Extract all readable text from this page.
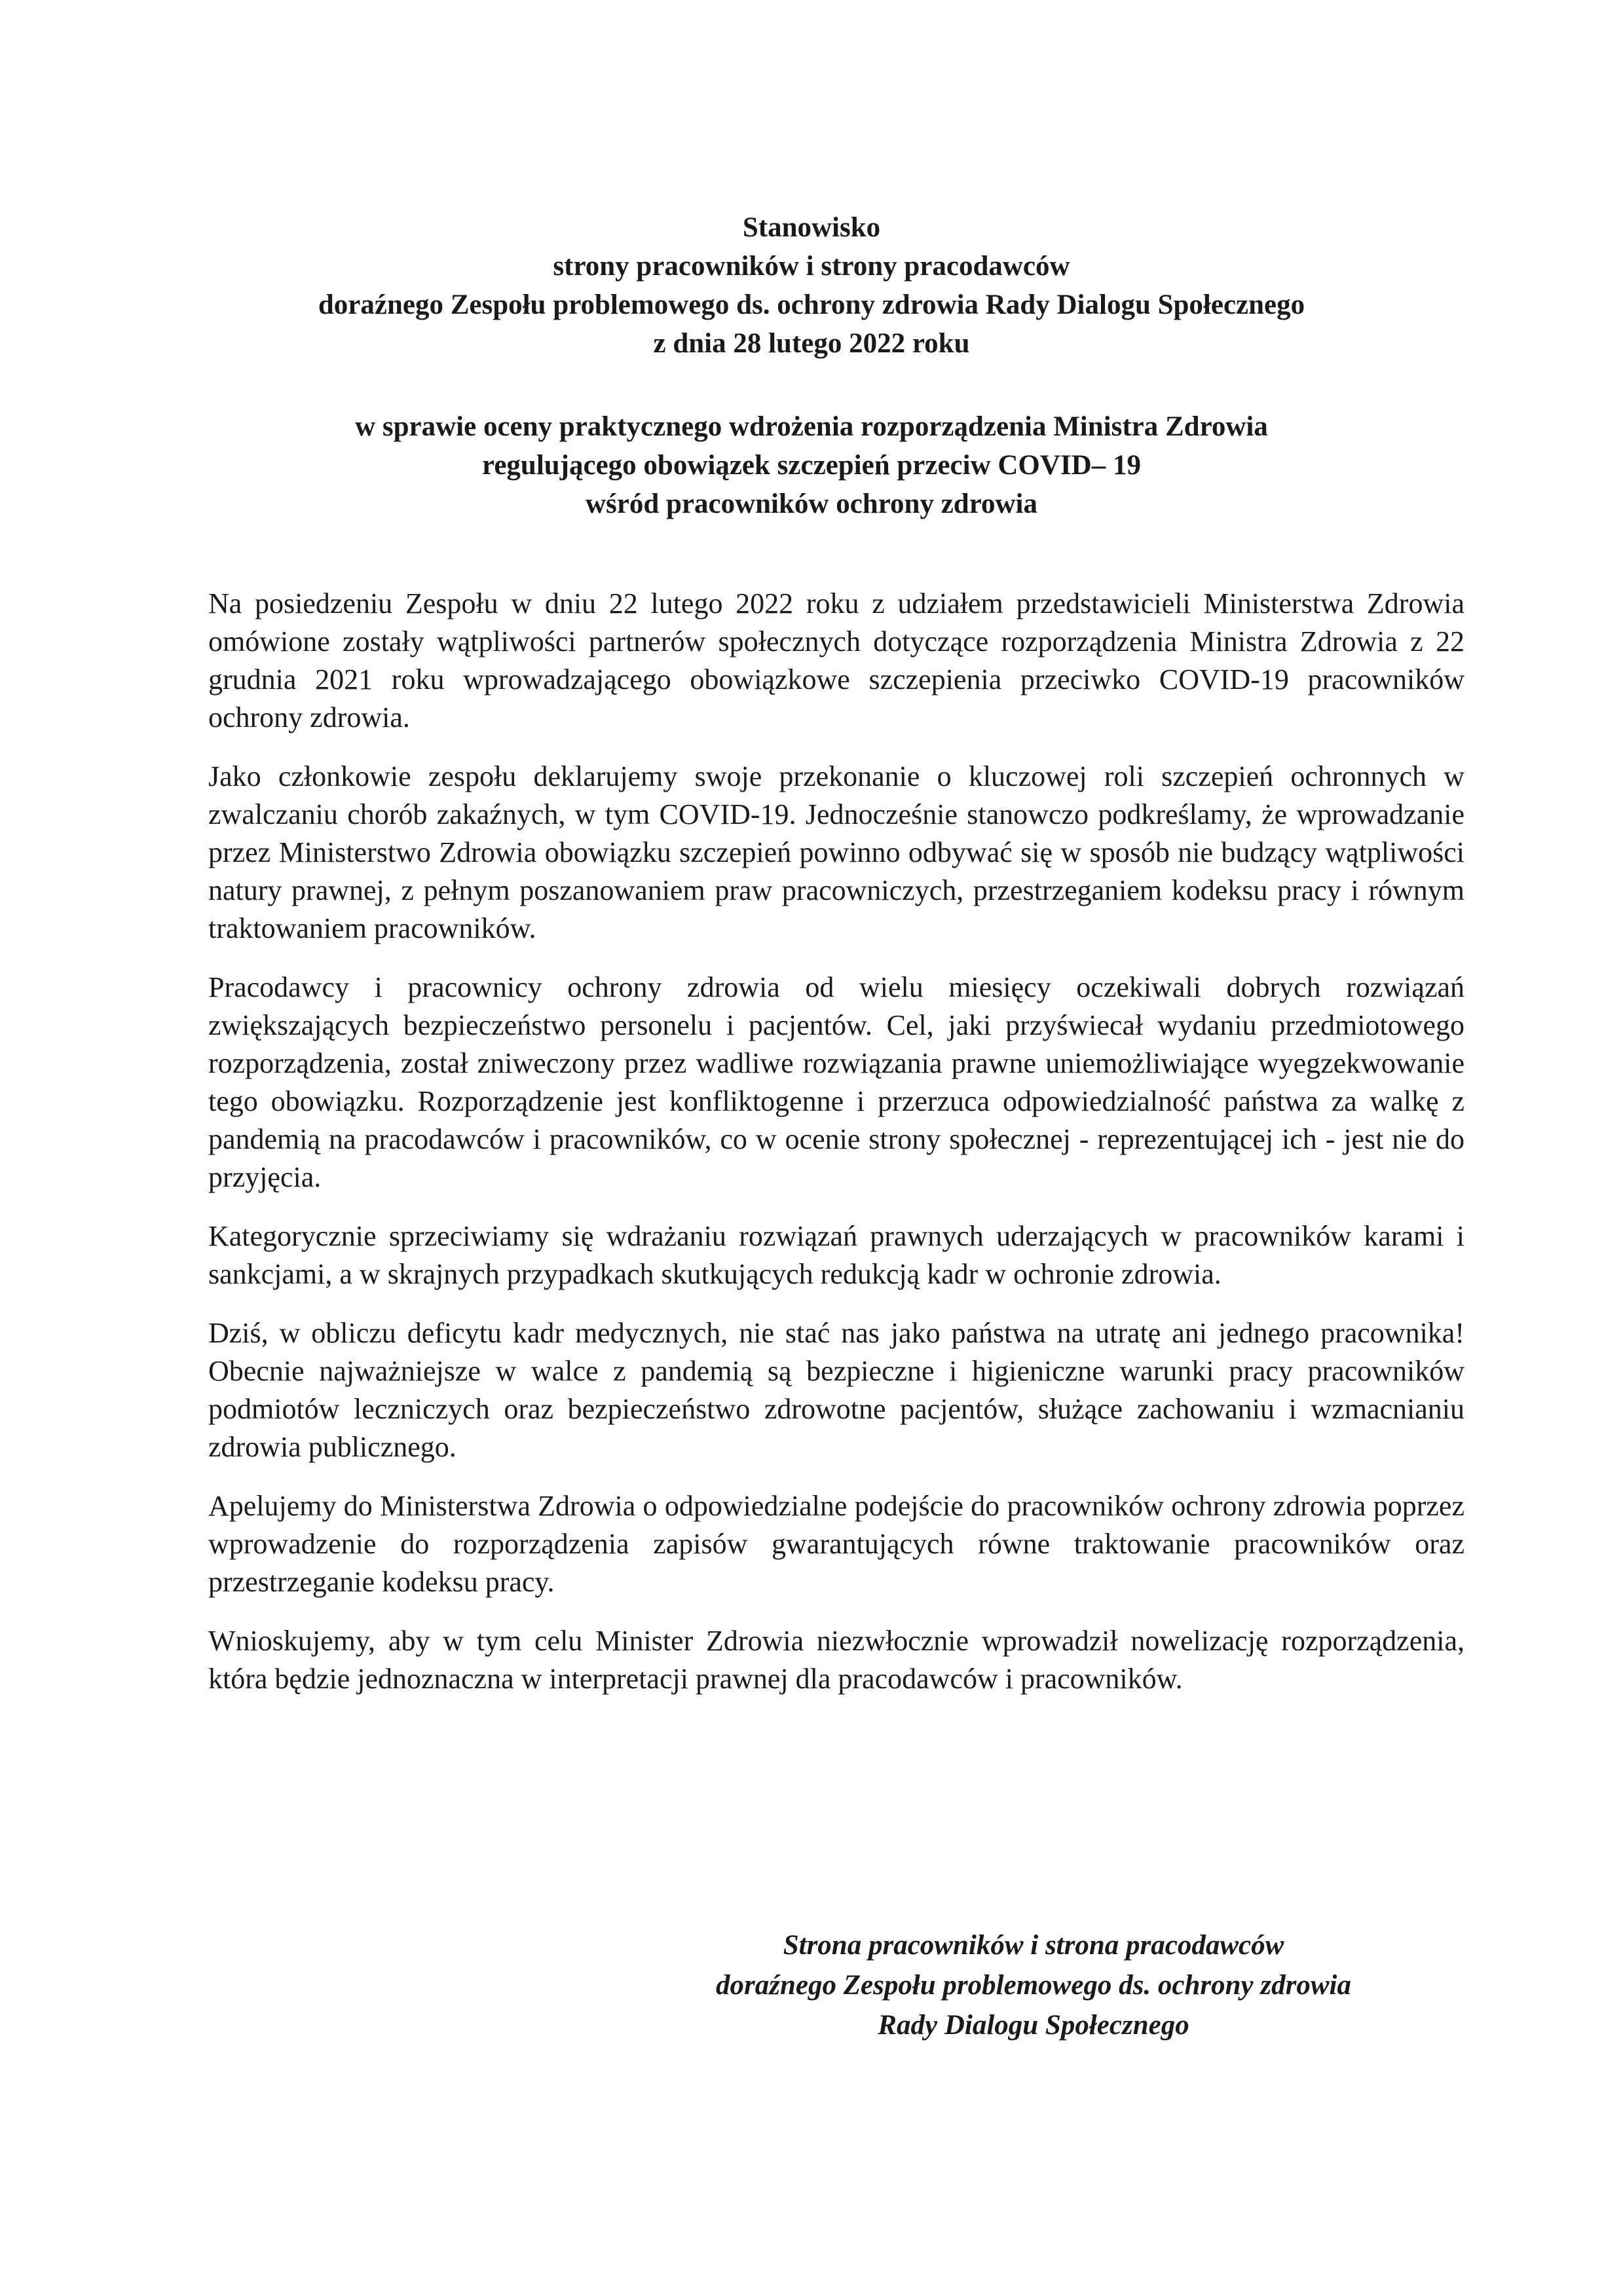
Stanowisko
strony pracowników i strony pracodawców
doraźnego Zespołu problemowego ds. ochrony zdrowia Rady Dialogu Społecznego
z dnia 28 lutego 2022 roku
w sprawie oceny praktycznego wdrożenia rozporządzenia Ministra Zdrowia
regulującego obowiązek szczepień przeciw COVID– 19
wśród pracowników ochrony zdrowia
Na posiedzeniu Zespołu w dniu 22 lutego 2022 roku z udziałem przedstawicieli Ministerstwa Zdrowia omówione zostały wątpliwości partnerów społecznych dotyczące rozporządzenia Ministra Zdrowia z 22 grudnia 2021 roku wprowadzającego obowiązkowe szczepienia przeciwko COVID-19 pracowników ochrony zdrowia.
Jako członkowie zespołu deklarujemy swoje przekonanie o kluczowej roli szczepień ochronnych w zwalczaniu chorób zakaźnych, w tym COVID-19. Jednocześnie stanowczo podkreślamy, że wprowadzanie przez Ministerstwo Zdrowia obowiązku szczepień powinno odbywać się w sposób nie budzący wątpliwości natury prawnej, z pełnym poszanowaniem praw pracowniczych, przestrzeganiem kodeksu pracy i równym traktowaniem pracowników.
Pracodawcy i pracownicy ochrony zdrowia od wielu miesięcy oczekiwali dobrych rozwiązań zwiększających bezpieczeństwo personelu i pacjentów. Cel, jaki przyświecał wydaniu przedmiotowego rozporządzenia, został zniweczony przez wadliwe rozwiązania prawne uniemożliwiające wyegzekwowanie tego obowiązku. Rozporządzenie jest konfliktogenne i przerzuca odpowiedzialność państwa za walkę z pandemią na pracodawców i pracowników, co w ocenie strony społecznej - reprezentującej ich - jest nie do przyjęcia.
Kategorycznie sprzeciwiamy się wdrażaniu rozwiązań prawnych uderzających w pracowników karami i sankcjami, a w skrajnych przypadkach skutkujących redukcją kadr w ochronie zdrowia.
Dziś, w obliczu deficytu kadr medycznych, nie stać nas jako państwa na utratę ani jednego pracownika! Obecnie najważniejsze w walce z pandemią są bezpieczne i higieniczne warunki pracy pracowników podmiotów leczniczych oraz bezpieczeństwo zdrowotne pacjentów, służące zachowaniu i wzmacnianiu zdrowia publicznego.
Apelujemy do Ministerstwa Zdrowia o odpowiedzialne podejście do pracowników ochrony zdrowia poprzez wprowadzenie do rozporządzenia zapisów gwarantujących równe traktowanie pracowników oraz przestrzeganie kodeksu pracy.
Wnioskujemy, aby w tym celu Minister Zdrowia niezwłocznie wprowadził nowelizację rozporządzenia, która będzie jednoznaczna w interpretacji prawnej dla pracodawców i pracowników.
Strona pracowników i strona pracodawców
doraźnego Zespołu problemowego ds. ochrony zdrowia
Rady Dialogu Społecznego
